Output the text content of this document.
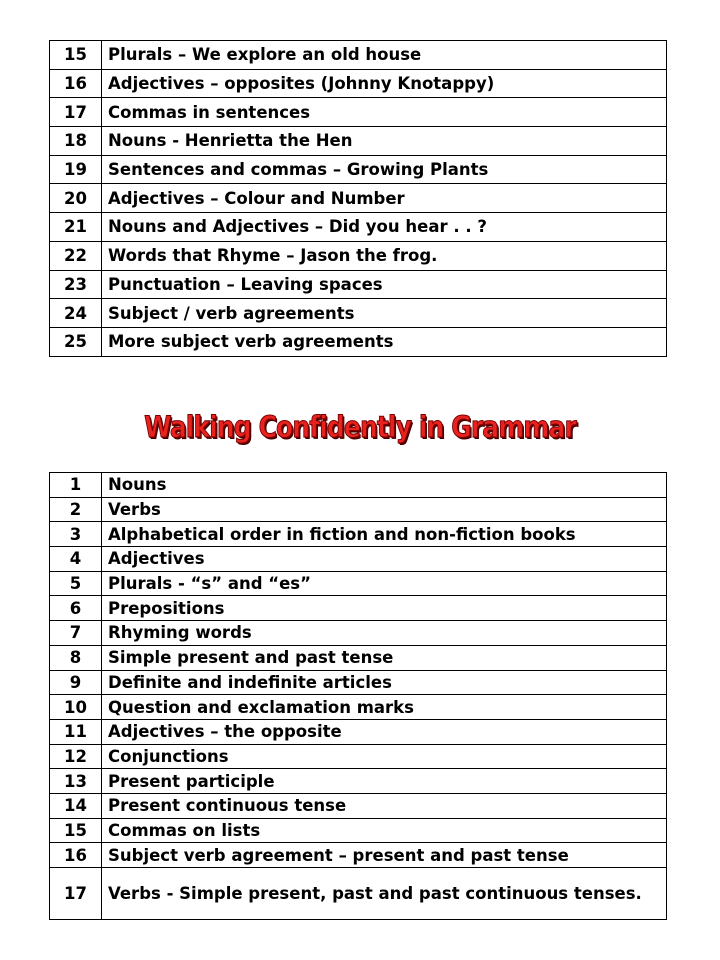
15	Plurals – We explore an old house
16	Adjectives – opposites (Johnny Knotappy)
17	Commas in sentences
18	Nouns - Henrietta the Hen
19	Sentences and commas – Growing Plants
20	Adjectives – Colour and Number
21	Nouns and Adjectives – Did you hear . . ?
22	Words that Rhyme – Jason the frog.
23	Punctuation – Leaving spaces
24	Subject / verb agreements
25	More subject verb agreements
Walking Confidently in Grammar
1	Nouns
2	Verbs
3	Alphabetical order in fiction and non-fiction books
4	Adjectives
5	Plurals - “s” and “es”
6	Prepositions
7	Rhyming words
8	Simple present and past tense
9	Definite and indefinite articles
10	Question and exclamation marks
11	Adjectives – the opposite
12	Conjunctions
13	Present participle
14	Present continuous tense
15	Commas on lists
16	Subject verb agreement – present and past tense
17	Verbs - Simple present, past and past continuous tenses.
